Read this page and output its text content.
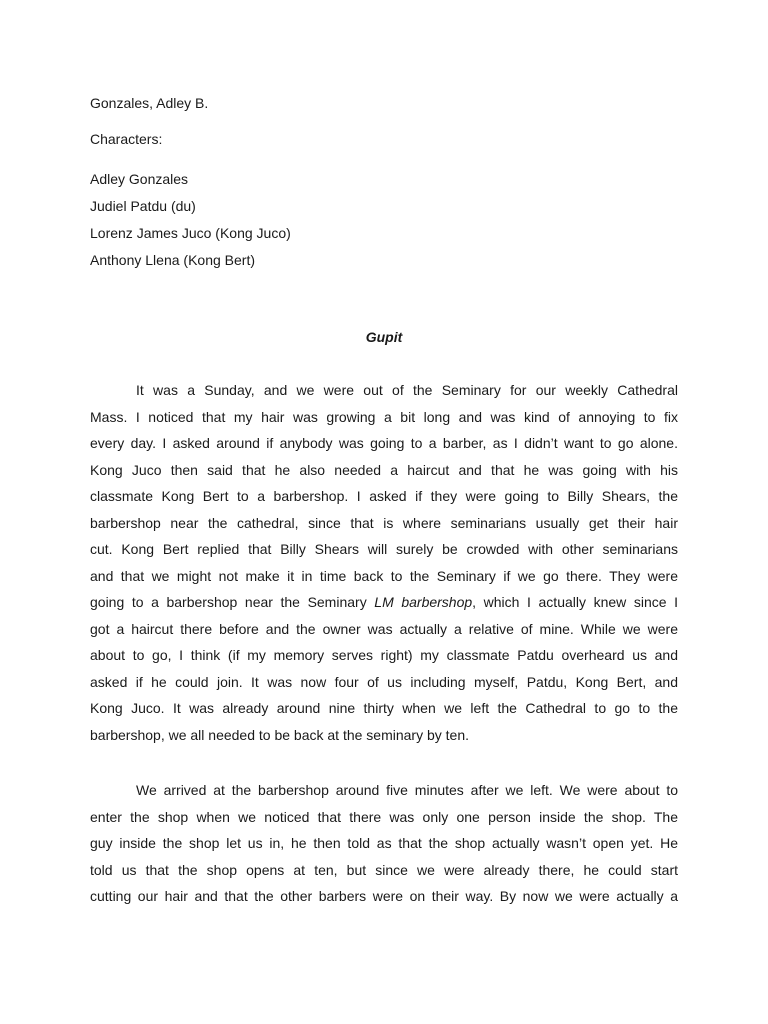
Gonzales, Adley B.
Characters:
Adley Gonzales
Judiel Patdu (du)
Lorenz James Juco (Kong Juco)
Anthony Llena (Kong Bert)
Gupit
It was a Sunday, and we were out of the Seminary for our weekly Cathedral
Mass. I noticed that my hair was growing a bit long and was kind of annoying to fix
every day. I asked around if anybody was going to a barber, as I didn’t want to go alone.
Kong Juco then said that he also needed a haircut and that he was going with his
classmate Kong Bert to a barbershop. I asked if they were going to Billy Shears, the
barbershop near the cathedral, since that is where seminarians usually get their hair
cut. Kong Bert replied that Billy Shears will surely be crowded with other seminarians
and that we might not make it in time back to the Seminary if we go there. They were
going to a barbershop near the Seminary LM barbershop, which I actually knew since I
got a haircut there before and the owner was actually a relative of mine. While we were
about to go, I think (if my memory serves right) my classmate Patdu overheard us and
asked if he could join. It was now four of us including myself, Patdu, Kong Bert, and
Kong Juco. It was already around nine thirty when we left the Cathedral to go to the
barbershop, we all needed to be back at the seminary by ten.
We arrived at the barbershop around five minutes after we left. We were about to
enter the shop when we noticed that there was only one person inside the shop. The
guy inside the shop let us in, he then told as that the shop actually wasn’t open yet. He
told us that the shop opens at ten, but since we were already there, he could start
cutting our hair and that the other barbers were on their way. By now we were actually a
